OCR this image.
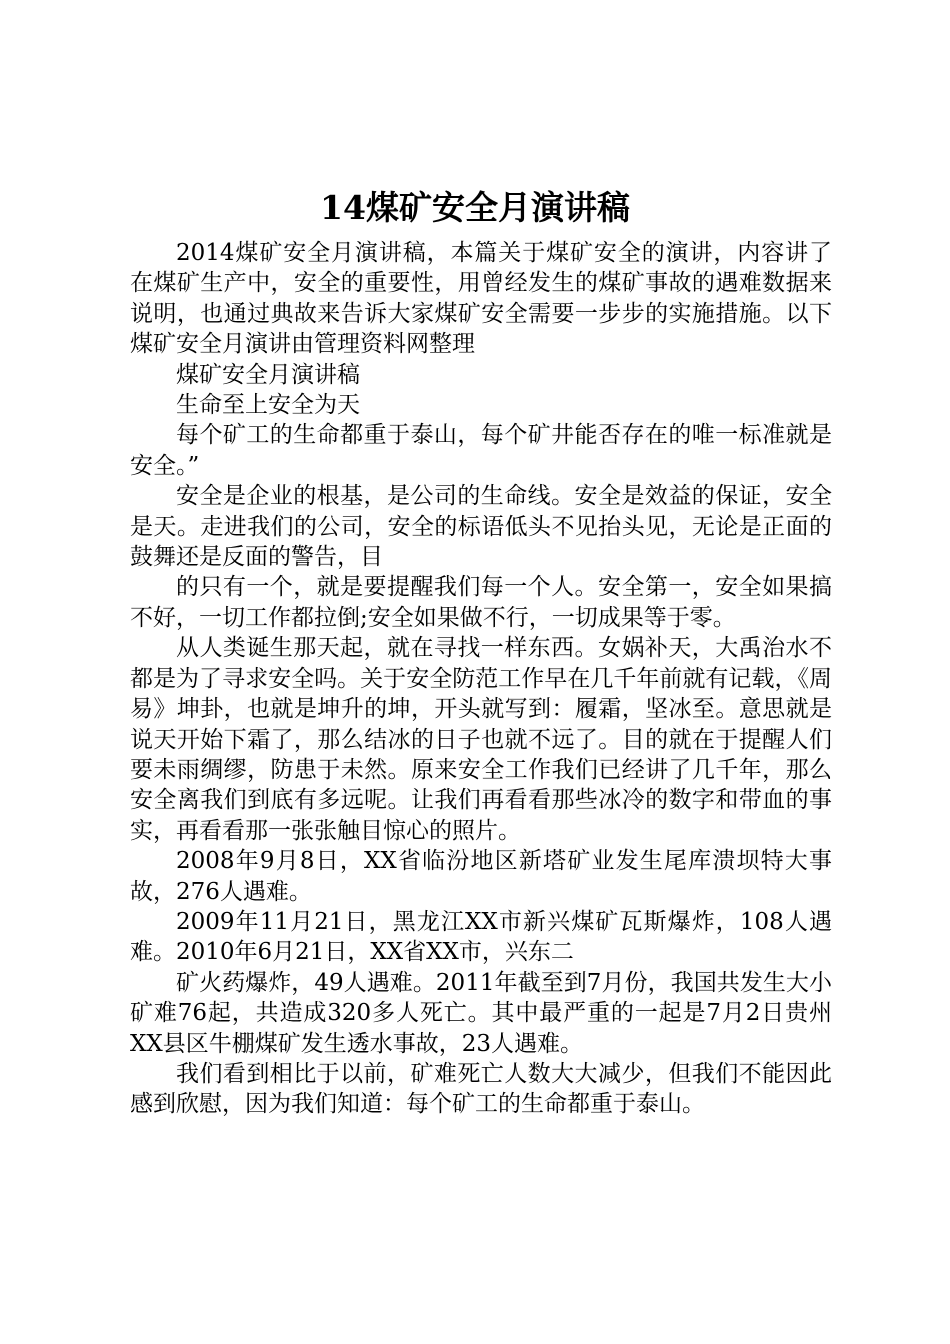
14煤矿安全月演讲稿

2014煤矿安全月演讲稿，本篇关于煤矿安全的演讲，内容讲了在煤矿生产中，安全的重要性，用曾经发生的煤矿事故的遇难数据来说明，也通过典故来告诉大家煤矿安全需要一步步的实施措施。以下煤矿安全月演讲由管理资料网整理

煤矿安全月演讲稿

生命至上安全为天

每个矿工的生命都重于泰山，每个矿井能否存在的唯一标准就是安全。”

安全是企业的根基，是公司的生命线。安全是效益的保证，安全是天。走进我们的公司，安全的标语低头不见抬头见，无论是正面的鼓舞还是反面的警告，目

的只有一个，就是要提醒我们每一个人。安全第一，安全如果搞不好，一切工作都拉倒;安全如果做不行，一切成果等于零。

从人类诞生那天起，就在寻找一样东西。女娲补天，大禹治水不都是为了寻求安全吗。关于安全防范工作早在几千年前就有记载，《周易》坤卦，也就是坤升的坤，开头就写到：履霜，坚冰至。意思就是说天开始下霜了，那么结冰的日子也就不远了。目的就在于提醒人们要未雨绸缪，防患于未然。原来安全工作我们已经讲了几千年，那么安全离我们到底有多远呢。让我们再看看那些冰冷的数字和带血的事实，再看看那一张张触目惊心的照片。

2008年9月8日，XX省临汾地区新塔矿业发生尾库溃坝特大事故，276人遇难。

2009年11月21日，黑龙江XX市新兴煤矿瓦斯爆炸，108人遇难。2010年6月21日，XX省XX市，兴东二

矿火药爆炸，49人遇难。2011年截至到7月份，我国共发生大小矿难76起，共造成320多人死亡。其中最严重的一起是7月2日贵州XX县区牛棚煤矿发生透水事故，23人遇难。

我们看到相比于以前，矿难死亡人数大大减少，但我们不能因此感到欣慰，因为我们知道：每个矿工的生命都重于泰山。
